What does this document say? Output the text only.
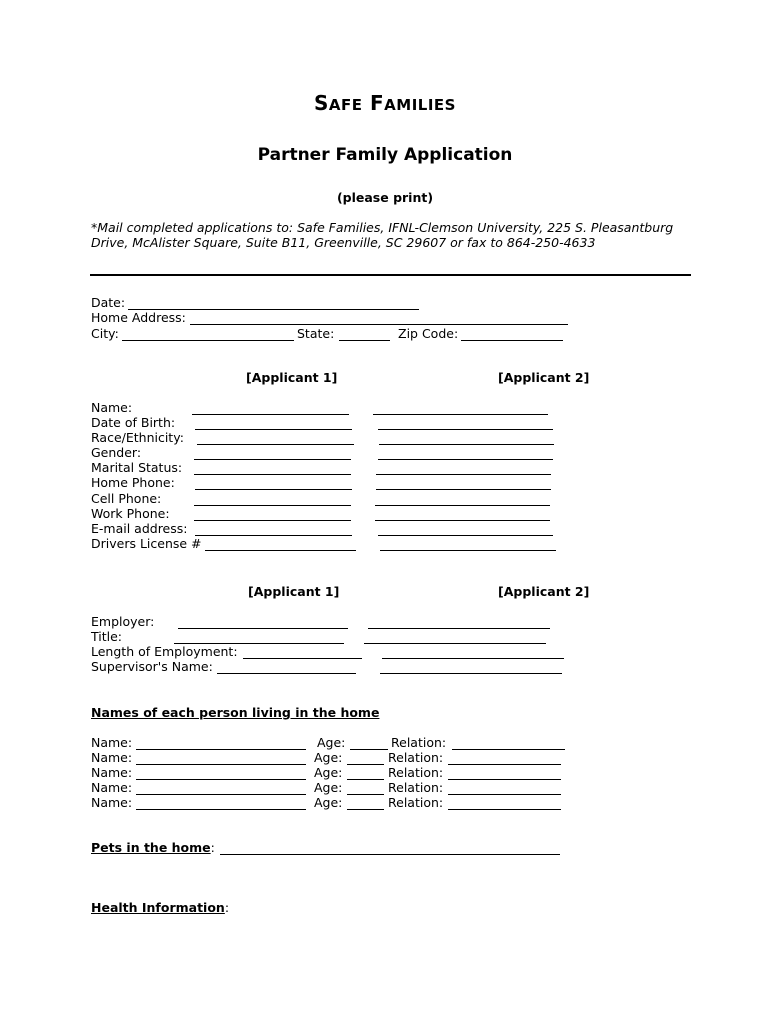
SAFE FAMILIES
Partner Family Application
(please print)
*Mail completed applications to: Safe Families, IFNL-Clemson University, 225 S. Pleasantburg Drive, McAlister Square, Suite B11, Greenville, SC 29607 or fax to 864-250-4633
Date:
Home Address:
City:	State:	Zip Code:
[Applicant 1]	[Applicant 2]
Name:
Date of Birth:
Race/Ethnicity:
Gender:
Marital Status:
Home Phone:
Cell Phone:
Work Phone:
E-mail address:
Drivers License #
[Applicant 1]	[Applicant 2]
Employer:
Title:
Length of Employment:
Supervisor's Name:
Names of each person living in the home
Name:	Age:	Relation:
Name:	Age:	Relation:
Name:	Age:	Relation:
Name:	Age:	Relation:
Name:	Age:	Relation:
Pets in the home:
Health Information:
